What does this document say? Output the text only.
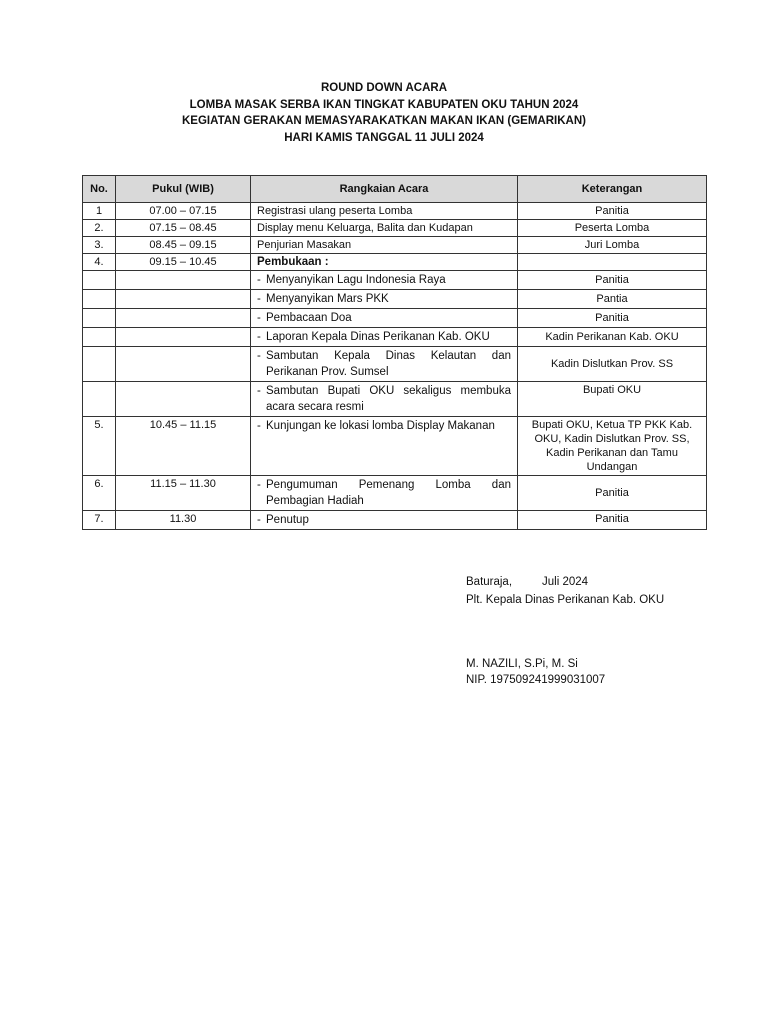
ROUND DOWN ACARA
LOMBA MASAK SERBA IKAN TINGKAT KABUPATEN OKU TAHUN 2024
KEGIATAN GERAKAN MEMASYARAKATKAN MAKAN IKAN (GEMARIKAN)
HARI KAMIS TANGGAL 11 JULI 2024
No.	Pukul (WIB)	Rangkaian Acara	Keterangan
1	07.00 – 07.15	Registrasi ulang peserta Lomba	Panitia
2.	07.15 – 08.45	Display menu Keluarga, Balita dan Kudapan	Peserta Lomba
3.	08.45 – 09.15	Penjurian Masakan	Juri Lomba
4.	09.15 – 10.45	Pembukaan :	

		- Menyanyikan Lagu Indonesia Raya	Panitia

		- Menyanyikan Mars PKK	Pantia

		- Pembacaan Doa	Panitia

		- Laporan Kepala Dinas Perikanan Kab. OKU	Kadin Perikanan Kab. OKU

		- Sambutan Kepala Dinas Kelautan dan Perikanan Prov. Sumsel	Kadin Dislutkan Prov. SS

		- Sambutan Bupati OKU sekaligus membuka acara secara resmi	Bupati OKU
5.	10.45 – 11.15	- Kunjungan ke lokasi lomba Display Makanan	Bupati OKU, Ketua TP PKK Kab. OKU, Kadin Dislutkan Prov. SS, Kadin Perikanan dan Tamu Undangan
6.	11.15 – 11.30	- Pengumuman Pemenang Lomba dan Pembagian Hadiah	Panitia
7.	11.30	- Penutup	Panitia
Baturaja,	Juli 2024
Plt. Kepala Dinas Perikanan Kab. OKU
M. NAZILI, S.Pi, M. Si
NIP. 197509241999031007
